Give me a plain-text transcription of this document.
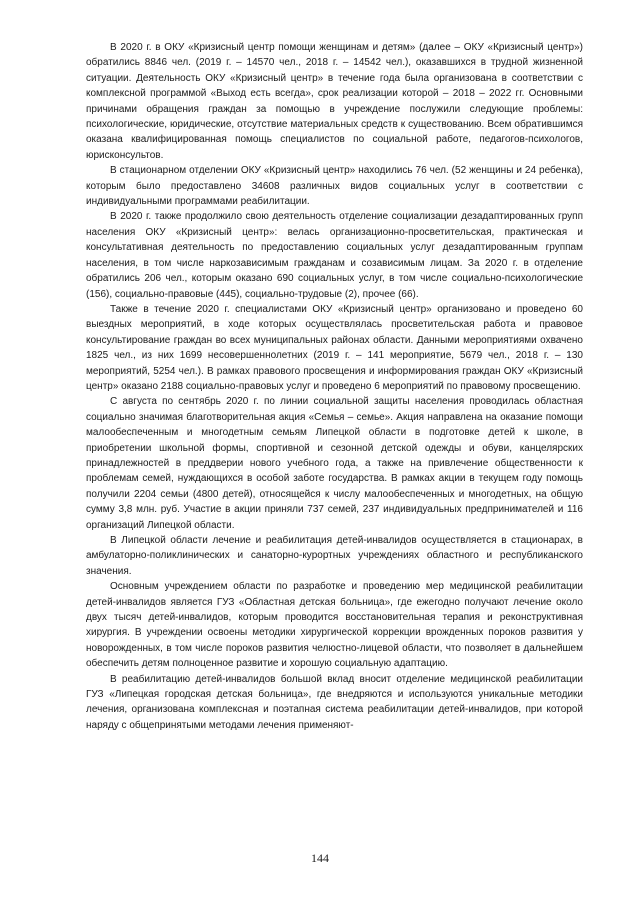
В 2020 г. в ОКУ «Кризисный центр помощи женщинам и детям» (далее – ОКУ «Кризисный центр») обратились 8846 чел. (2019 г. – 14570 чел., 2018 г. – 14542 чел.), оказавшихся в трудной жизненной ситуации. Деятельность ОКУ «Кризисный центр» в течение года была организована в соответствии с комплексной программой «Выход есть всегда», срок реализации которой – 2018 – 2022 гг. Основными причинами обращения граждан за помощью в учреждение послужили следующие проблемы: психологические, юридические, отсутствие материальных средств к существованию. Всем обратившимся оказана квалифицированная помощь специалистов по социальной работе, педагогов-психологов, юрисконсультов.

В стационарном отделении ОКУ «Кризисный центр» находились 76 чел. (52 женщины и 24 ребенка), которым было предоставлено 34608 различных видов социальных услуг в соответствии с индивидуальными программами реабилитации.

В 2020 г. также продолжило свою деятельность отделение социализации дезадаптированных групп населения ОКУ «Кризисный центр»: велась организационно-просветительская, практическая и консультативная деятельность по предоставлению социальных услуг дезадаптированным группам населения, в том числе наркозависимым гражданам и созависимым лицам. За 2020 г. в отделение обратились 206 чел., которым оказано 690 социальных услуг, в том числе социально-психологические (156), социально-правовые (445), социально-трудовые (2), прочее (66).

Также в течение 2020 г. специалистами ОКУ «Кризисный центр» организовано и проведено 60 выездных мероприятий, в ходе которых осуществлялась просветительская работа и правовое консультирование граждан во всех муниципальных районах области. Данными мероприятиями охвачено 1825 чел., из них 1699 несовершеннолетних (2019 г. – 141 мероприятие, 5679 чел., 2018 г. – 130 мероприятий, 5254 чел.). В рамках правового просвещения и информирования граждан ОКУ «Кризисный центр» оказано 2188 социально-правовых услуг и проведено 6 мероприятий по правовому просвещению.

С августа по сентябрь 2020 г. по линии социальной защиты населения проводилась областная социально значимая благотворительная акция «Семья – семье». Акция направлена на оказание помощи малообеспеченным и многодетным семьям Липецкой области в подготовке детей к школе, в приобретении школьной формы, спортивной и сезонной детской одежды и обуви, канцелярских принадлежностей в преддверии нового учебного года, а также на привлечение общественности к проблемам семей, нуждающихся в особой заботе государства. В рамках акции в текущем году помощь получили 2204 семьи (4800 детей), относящейся к числу малообеспеченных и многодетных, на общую сумму 3,8 млн. руб. Участие в акции приняли 737 семей, 237 индивидуальных предпринимателей и 116 организаций Липецкой области.

В Липецкой области лечение и реабилитация детей-инвалидов осуществляется в стационарах, в амбулаторно-поликлинических и санаторно-курортных учреждениях областного и республиканского значения.

Основным учреждением области по разработке и проведению мер медицинской реабилитации детей-инвалидов является ГУЗ «Областная детская больница», где ежегодно получают лечение около двух тысяч детей-инвалидов, которым проводится восстановительная терапия и реконструктивная хирургия. В учреждении освоены методики хирургической коррекции врожденных пороков развития у новорожденных, в том числе пороков развития челюстно-лицевой области, что позволяет в дальнейшем обеспечить детям полноценное развитие и хорошую социальную адаптацию.

В реабилитацию детей-инвалидов большой вклад вносит отделение медицинской реабилитации ГУЗ «Липецкая городская детская больница», где внедряются и используются уникальные методики лечения, организована комплексная и поэтапная система реабилитации детей-инвалидов, при которой наряду с общепринятыми методами лечения применяют-

144
